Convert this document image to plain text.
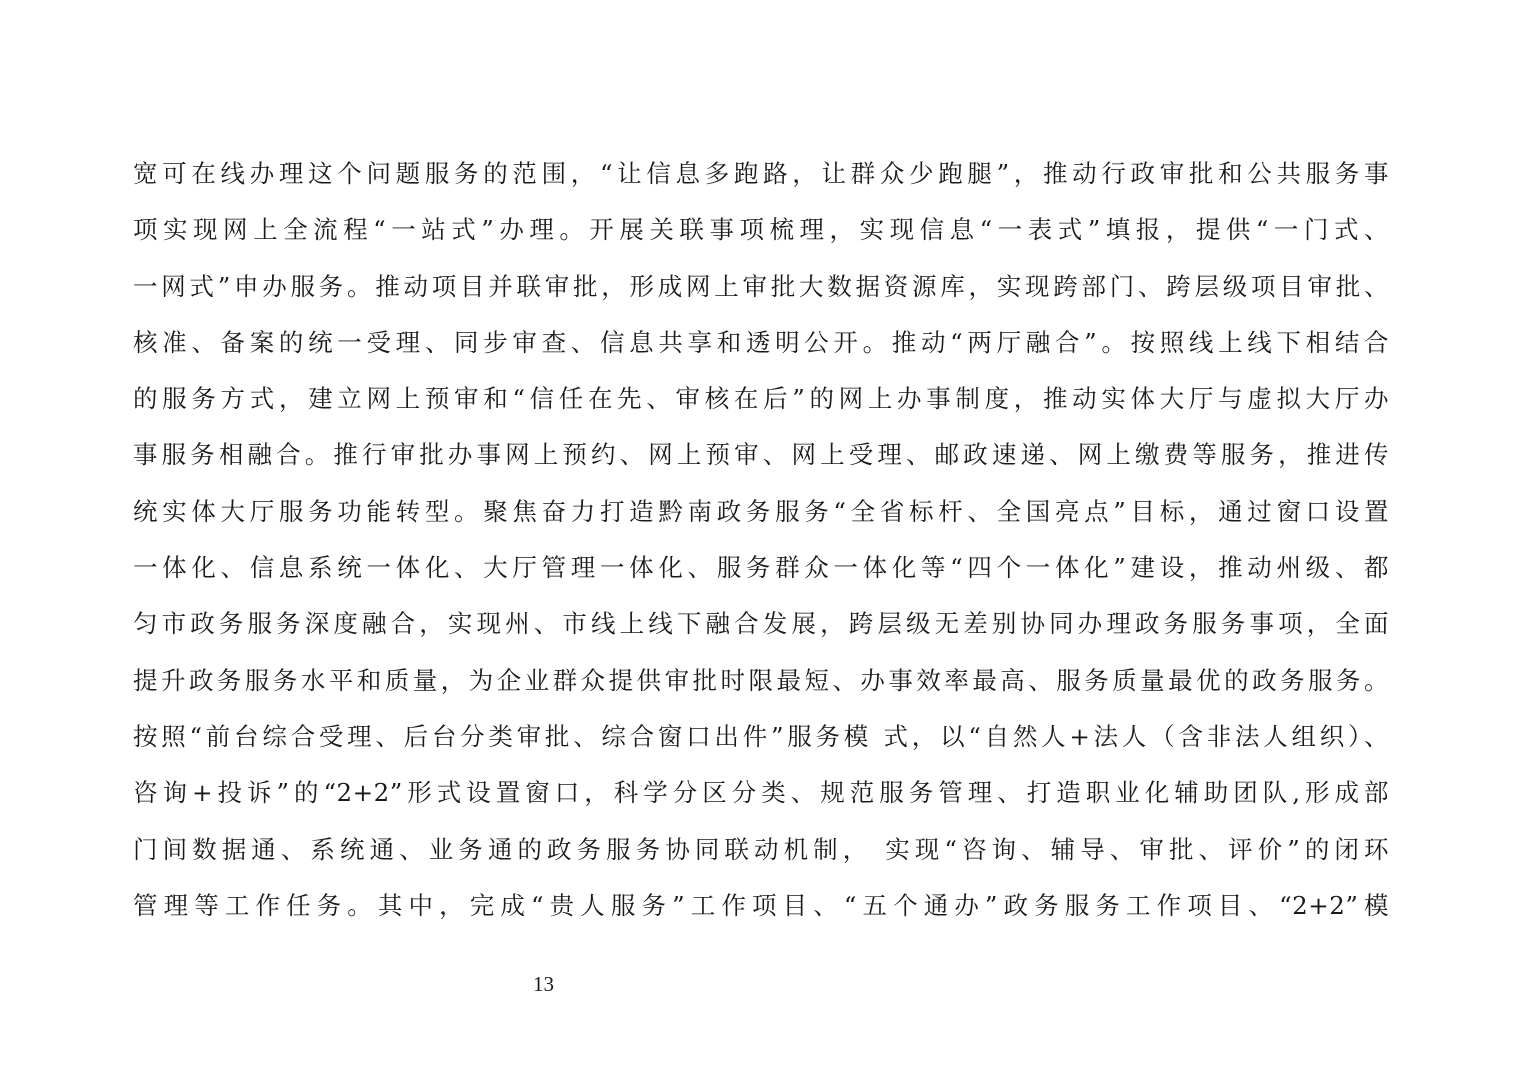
宽可在线办理这个问题服务的范围，“让信息多跑路，让群众少跑腿”，推动行政审批和公共服务事
项实现网上全流程“一站式”办理。开展关联事项梳理，实现信息“一表式”填报，提供“一门式、
一网式”申办服务。推动项目并联审批，形成网上审批大数据资源库，实现跨部门、跨层级项目审批、
核准、备案的统一受理、同步审查、信息共享和透明公开。推动“两厅融合”。按照线上线下相结合
的服务方式，建立网上预审和“信任在先、审核在后”的网上办事制度，推动实体大厅与虚拟大厅办
事服务相融合。推行审批办事网上预约、网上预审、网上受理、邮政速递、网上缴费等服务，推进传
统实体大厅服务功能转型。聚焦奋力打造黔南政务服务“全省标杆、全国亮点”目标，通过窗口设置
一体化、信息系统一体化、大厅管理一体化、服务群众一体化等“四个一体化”建设，推动州级、都
匀市政务服务深度融合，实现州、市线上线下融合发展，跨层级无差别协同办理政务服务事项，全面
提升政务服务水平和质量，为企业群众提供审批时限最短、办事效率最高、服务质量最优的政务服务。
按照“前台综合受理、后台分类审批、综合窗口出件”服务模 式，以“自然人+法人（含非法人组织）、
咨询+投诉”的“2+2”形式设置窗口，科学分区分类、规范服务管理、打造职业化辅助团队,形成部
门间数据通、系统通、业务通的政务服务协同联动机制， 实现“咨询、辅导、审批、评价”的闭环
管理等工作任务。其中，完成“贵人服务”工作项目、“五个通办”政务服务工作项目、“2+2”模
13
